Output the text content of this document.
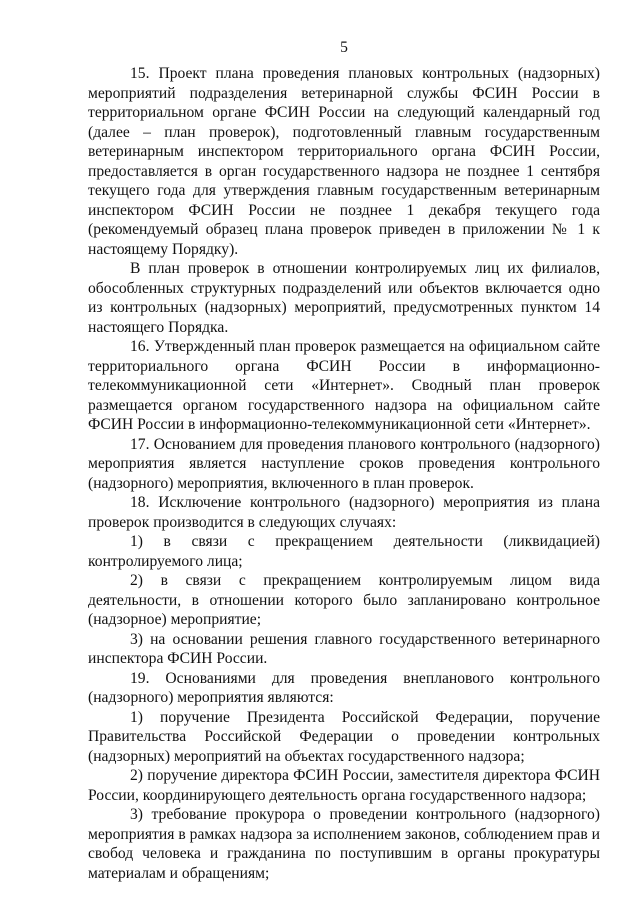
5

15. Проект плана проведения плановых контрольных (надзорных) мероприятий подразделения ветеринарной службы ФСИН России в территориальном органе ФСИН России на следующий календарный год (далее – план проверок), подготовленный главным государственным ветеринарным инспектором территориального органа ФСИН России, предоставляется в орган государственного надзора не позднее 1 сентября текущего года для утверждения главным государственным ветеринарным инспектором ФСИН России не позднее 1 декабря текущего года (рекомендуемый образец плана проверок приведен в приложении № 1 к настоящему Порядку).

В план проверок в отношении контролируемых лиц их филиалов, обособленных структурных подразделений или объектов включается одно из контрольных (надзорных) мероприятий, предусмотренных пунктом 14 настоящего Порядка.

16. Утвержденный план проверок размещается на официальном сайте территориального органа ФСИН России в информационно-телекоммуникационной сети «Интернет». Сводный план проверок размещается органом государственного надзора на официальном сайте ФСИН России в информационно-телекоммуникационной сети «Интернет».

17. Основанием для проведения планового контрольного (надзорного) мероприятия является наступление сроков проведения контрольного (надзорного) мероприятия, включенного в план проверок.

18. Исключение контрольного (надзорного) мероприятия из плана проверок производится в следующих случаях:

1) в связи с прекращением деятельности (ликвидацией) контролируемого лица;

2) в связи с прекращением контролируемым лицом вида деятельности, в отношении которого было запланировано контрольное (надзорное) мероприятие;

3) на основании решения главного государственного ветеринарного инспектора ФСИН России.

19. Основаниями для проведения внепланового контрольного (надзорного) мероприятия являются:

1) поручение Президента Российской Федерации, поручение Правительства Российской Федерации о проведении контрольных (надзорных) мероприятий на объектах государственного надзора;

2) поручение директора ФСИН России, заместителя директора ФСИН России, координирующего деятельность органа государственного надзора;

3) требование прокурора о проведении контрольного (надзорного) мероприятия в рамках надзора за исполнением законов, соблюдением прав и свобод человека и гражданина по поступившим в органы прокуратуры материалам и обращениям;
